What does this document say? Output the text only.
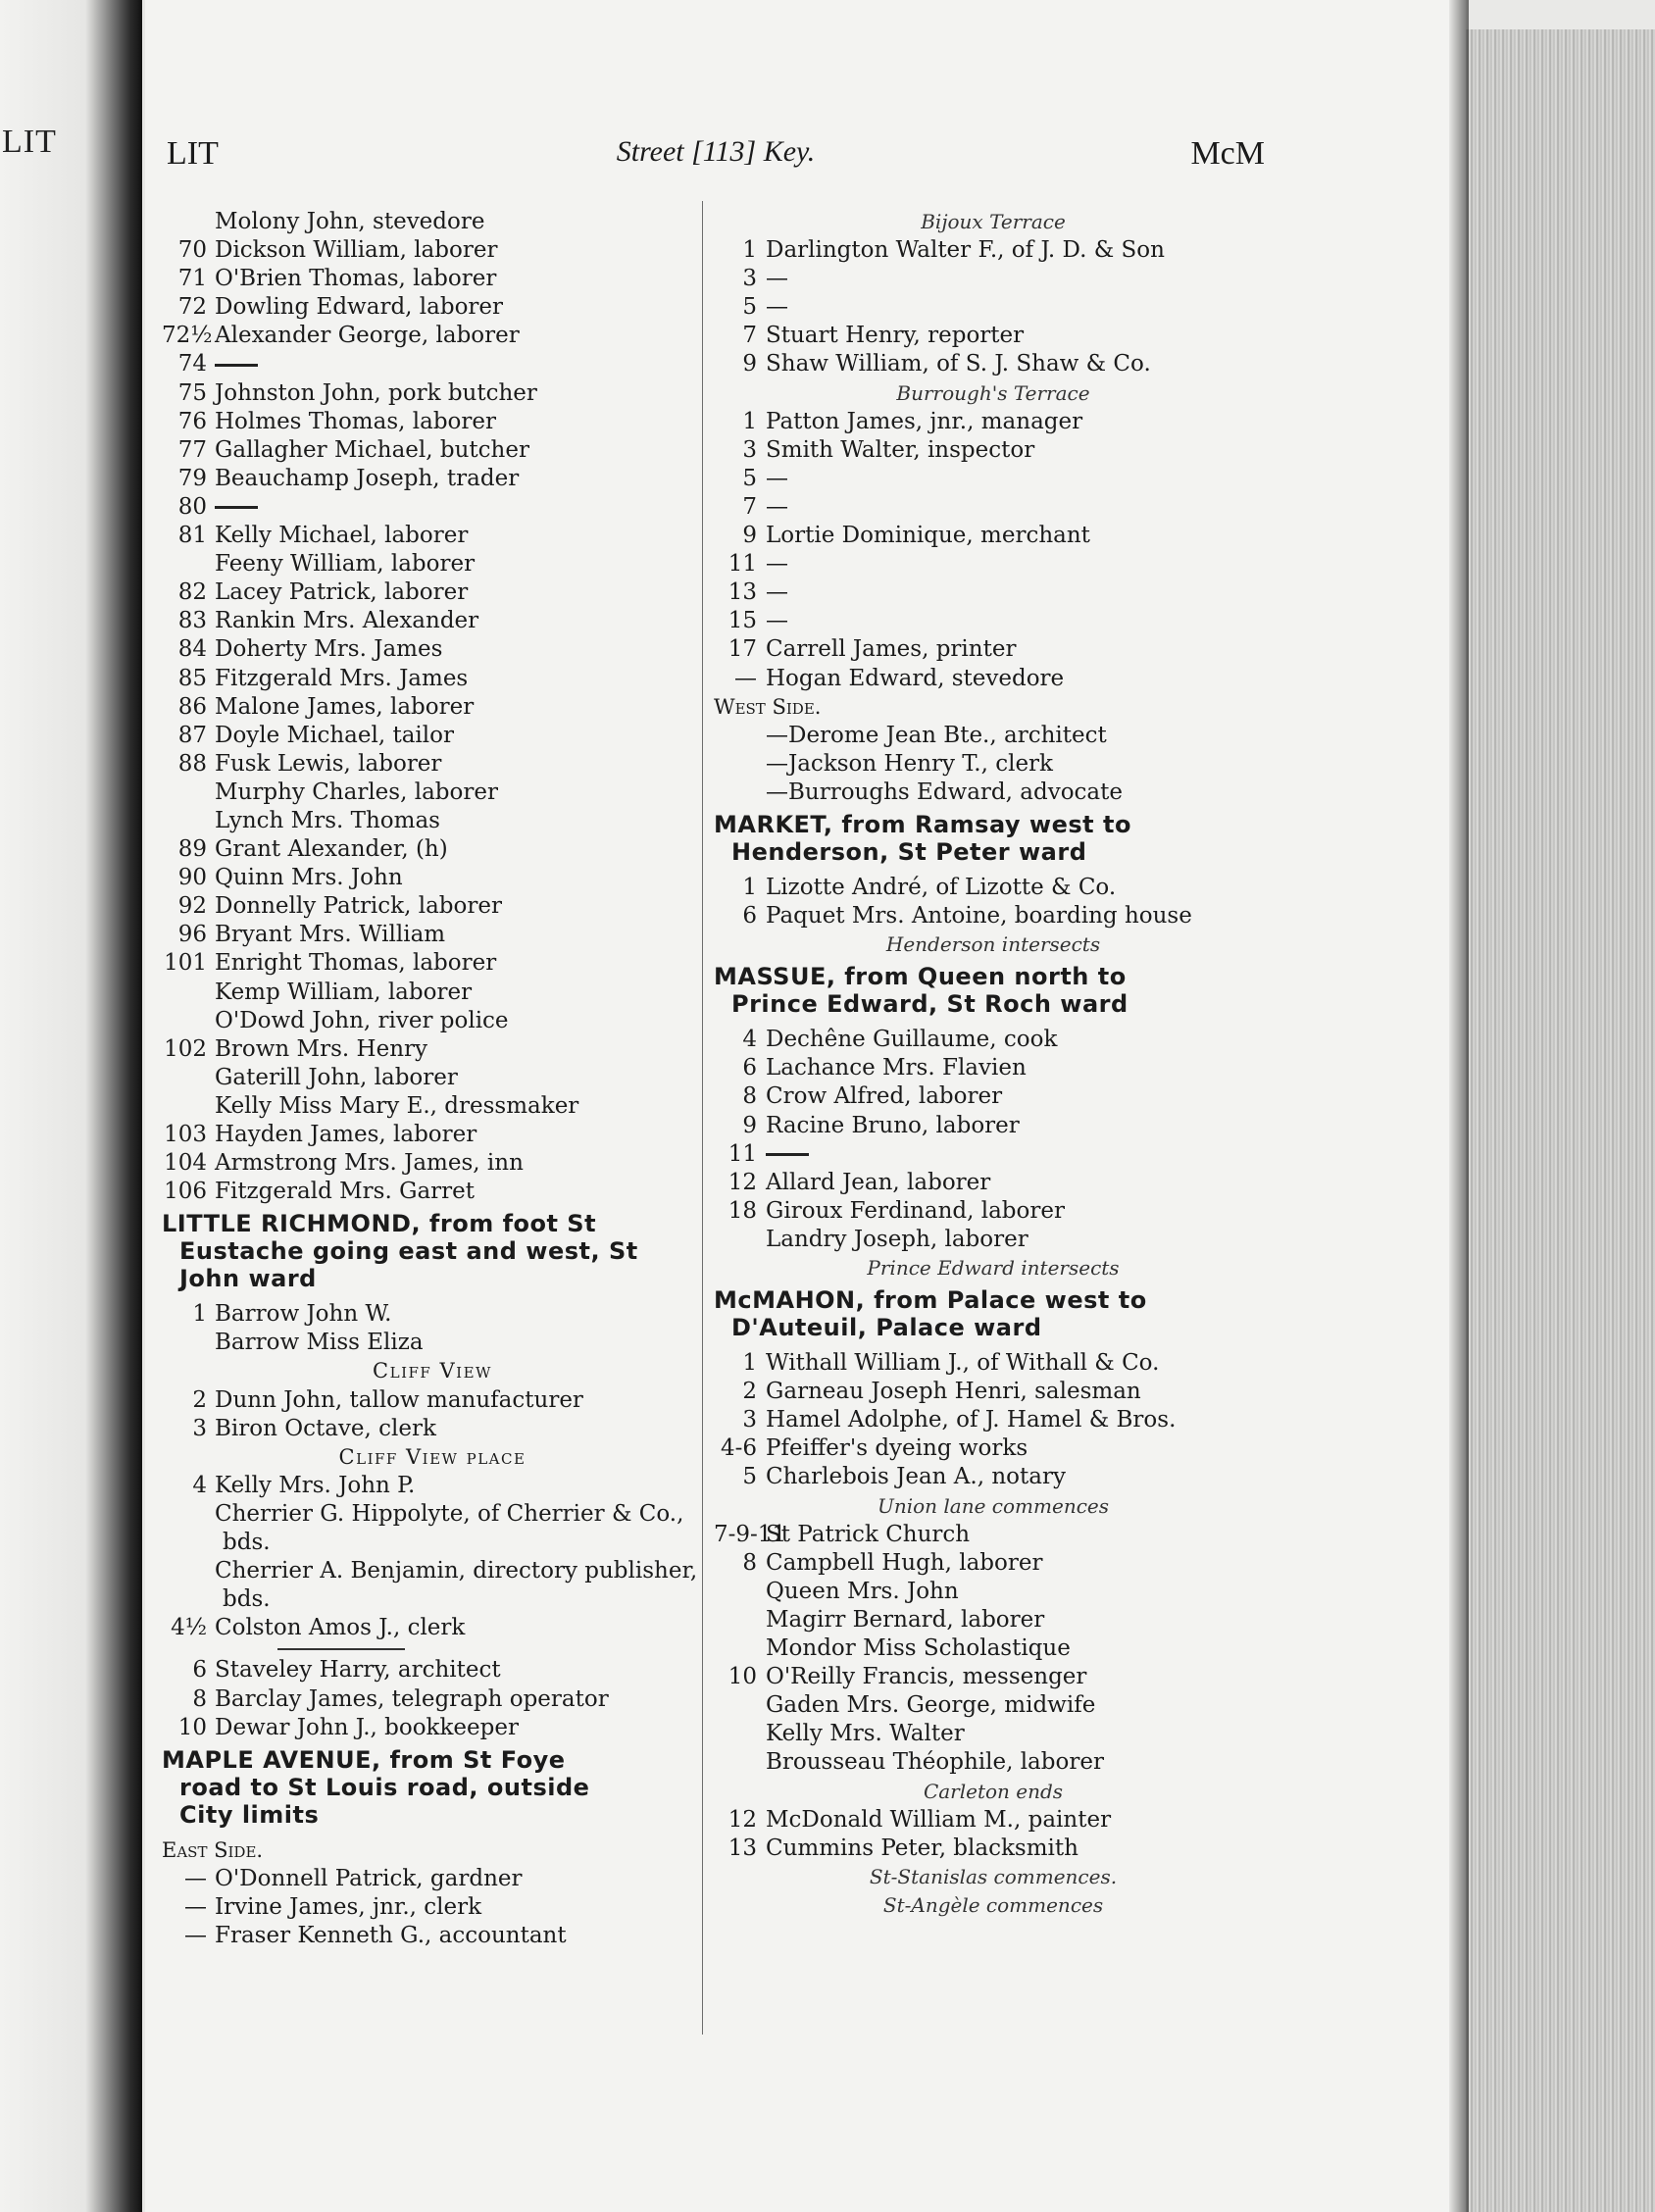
LIT	LIT	Street [113] Key.	McM
Molony John, stevedore
70 Dickson William, laborer
71 O'Brien Thomas, laborer
72 Dowling Edward, laborer
72½ Alexander George, laborer
74
75 Johnston John, pork butcher
76 Holmes Thomas, laborer
77 Gallagher Michael, butcher
79 Beauchamp Joseph, trader
80
81 Kelly Michael, laborer
Feeny William, laborer
82 Lacey Patrick, laborer
83 Rankin Mrs. Alexander
84 Doherty Mrs. James
85 Fitzgerald Mrs. James
86 Malone James, laborer
87 Doyle Michael, tailor
88 Fusk Lewis, laborer
Murphy Charles, laborer
Lynch Mrs. Thomas
89 Grant Alexander, (h)
90 Quinn Mrs. John
92 Donnelly Patrick, laborer
96 Bryant Mrs. William
101 Enright Thomas, laborer
Kemp William, laborer
O'Dowd John, river police
102 Brown Mrs. Henry
Gaterill John, laborer
Kelly Miss Mary E., dressmaker
103 Hayden James, laborer
104 Armstrong Mrs. James, inn
106 Fitzgerald Mrs. Garret
LITTLE RICHMOND, from foot St
Eustache going east and west, St
John ward
1 Barrow John W.
Barrow Miss Eliza
Cliff View
2 Dunn John, tallow manufacturer
3 Biron Octave, clerk
Cliff View place
4 Kelly Mrs. John P.
Cherrier G. Hippolyte, of Cherrier & Co., bds.
Cherrier A. Benjamin, directory publisher, bds.
4½ Colston Amos J., clerk
6 Staveley Harry, architect
8 Barclay James, telegraph operator
10 Dewar John J., bookkeeper
MAPLE AVENUE, from St Foye
road to St Louis road, outside
City limits
East Side.
— O'Donnell Patrick, gardner
— Irvine James, jnr., clerk
— Fraser Kenneth G., accountant
Bijoux Terrace
1 Darlington Walter F., of J. D. & Son
3 —
5 —
7 Stuart Henry, reporter
9 Shaw William, of S. J. Shaw & Co.
Burrough's Terrace
1 Patton James, jnr., manager
3 Smith Walter, inspector
5 —
7 —
9 Lortie Dominique, merchant
11 —
13 —
15 —
17 Carrell James, printer
— Hogan Edward, stevedore
West Side.
—Derome Jean Bte., architect
—Jackson Henry T., clerk
—Burroughs Edward, advocate
MARKET, from Ramsay west to
Henderson, St Peter ward
1 Lizotte André, of Lizotte & Co.
6 Paquet Mrs. Antoine, boarding house
Henderson intersects
MASSUE, from Queen north to
Prince Edward, St Roch ward
4 Dechêne Guillaume, cook
6 Lachance Mrs. Flavien
8 Crow Alfred, laborer
9 Racine Bruno, laborer
11
12 Allard Jean, laborer
18 Giroux Ferdinand, laborer
Landry Joseph, laborer
Prince Edward intersects
McMAHON, from Palace west to
D'Auteuil, Palace ward
1 Withall William J., of Withall & Co.
2 Garneau Joseph Henri, salesman
3 Hamel Adolphe, of J. Hamel & Bros.
4-6 Pfeiffer's dyeing works
5 Charlebois Jean A., notary
Union lane commences
7-9-11St Patrick Church
8 Campbell Hugh, laborer
Queen Mrs. John
Magirr Bernard, laborer
Mondor Miss Scholastique
10 O'Reilly Francis, messenger
Gaden Mrs. George, midwife
Kelly Mrs. Walter
Brousseau Théophile, laborer
Carleton ends
12 McDonald William M., painter
13 Cummins Peter, blacksmith
St-Stanislas commences.
St-Angèle commences
